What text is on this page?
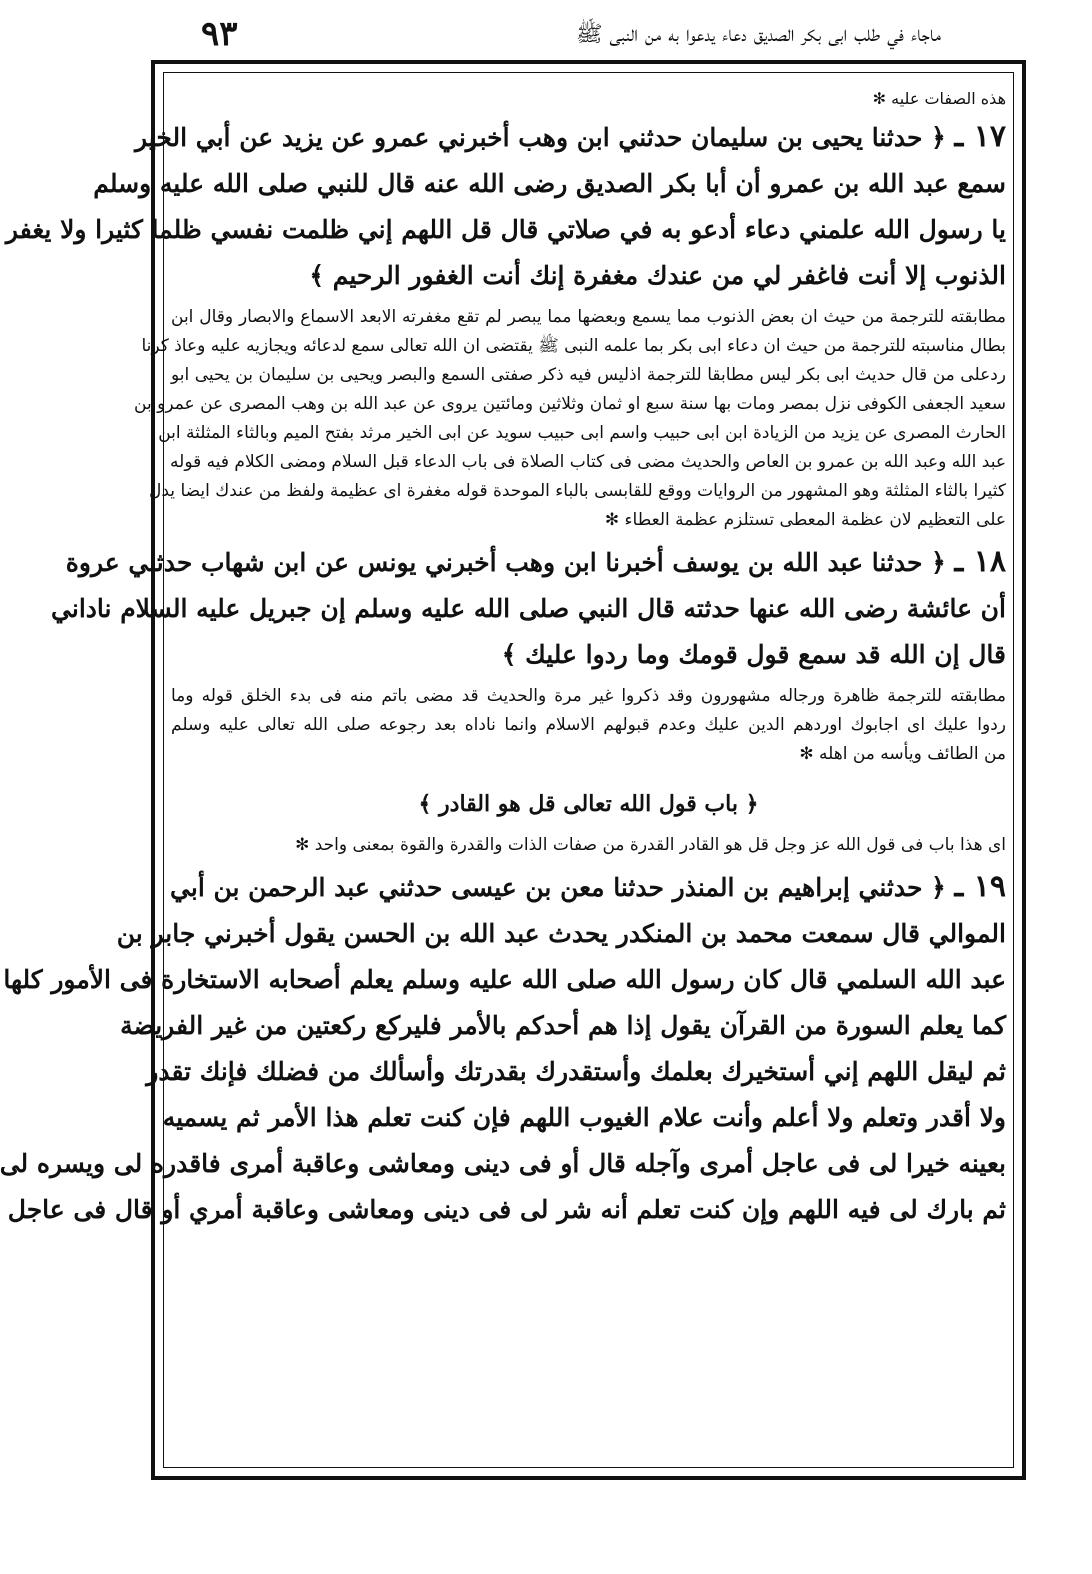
٩٣	ماجاء في طلب ابى بكر الصديق دعاء يدعوا به من النبى ﷺ
هذه الصفات عليه ✻
١٧ ـ ﴿ حدثنا يحيى بن سليمان حدثني ابن وهب أخبرني عمرو عن يزيد عن أبي الخير
سمع عبد الله بن عمرو أن أبا بكر الصديق رضى الله عنه قال للنبي صلى الله عليه وسلم
يا رسول الله علمني دعاء أدعو به في صلاتي قال قل اللهم إني ظلمت نفسي ظلما كثيرا ولا يغفر
الذنوب إلا أنت فاغفر لي من عندك مغفرة إنك أنت الغفور الرحيم ﴾
مطابقته للترجمة من حيث ان بعض الذنوب مما يسمع وبعضها مما يبصر لم تقع مغفرته الابعد الاسماع والابصار وقال ابن
بطال مناسبته للترجمة من حيث ان دعاء ابى بكر بما علمه النبى ﷺ يقتضى ان الله تعالى سمع لدعائه ويجازيه عليه وعاذ كرنا
ردعلى من قال حديث ابى بكر ليس مطابقا للترجمة اذليس فيه ذكر صفتى السمع والبصر ويحيى بن سليمان بن يحيى ابو
سعيد الجعفى الكوفى نزل بمصر ومات بها سنة سبع او ثمان وثلاثين ومائتين يروى عن عبد الله بن وهب المصرى عن عمرو بن
الحارث المصرى عن يزيد من الزيادة ابن ابى حبيب واسم ابى حبيب سويد عن ابى الخير مرثد بفتح الميم وبالثاء المثلثة ابن
عبد الله وعبد الله بن عمرو بن العاص والحديث مضى فى كتاب الصلاة فى باب الدعاء قبل السلام ومضى الكلام فيه قوله
كثيرا بالثاء المثلثة وهو المشهور من الروايات ووقع للقابسى بالباء الموحدة قوله مغفرة اى عظيمة ولفظ من عندك ايضا يدل
على التعظيم لان عظمة المعطى تستلزم عظمة العطاء ✻
١٨ ـ ﴿ حدثنا عبد الله بن يوسف أخبرنا ابن وهب أخبرني يونس عن ابن شهاب حدثني عروة
أن عائشة رضى الله عنها حدثته قال النبي صلى الله عليه وسلم إن جبريل عليه السلام ناداني
قال إن الله قد سمع قول قومك وما ردوا عليك ﴾
مطابقته للترجمة ظاهرة ورجاله مشهورون وقد ذكروا غير مرة والحديث قد مضى باتم منه فى بدء الخلق قوله وما
ردوا عليك اى اجابوك اوردهم الدين عليك وعدم قبولهم الاسلام وانما ناداه بعد رجوعه صلى الله تعالى عليه وسلم
من الطائف ويأسه من اهله ✻
﴿ باب قول الله تعالى قل هو القادر ﴾
اى هذا باب فى قول الله عز وجل قل هو القادر القدرة من صفات الذات والقدرة والقوة بمعنى واحد ✻
١٩ ـ ﴿ حدثني إبراهيم بن المنذر حدثنا معن بن عيسى حدثني عبد الرحمن بن أبي
الموالي قال سمعت محمد بن المنكدر يحدث عبد الله بن الحسن يقول أخبرني جابر بن
عبد الله السلمي قال كان رسول الله صلى الله عليه وسلم يعلم أصحابه الاستخارة فى الأمور كلها
كما يعلم السورة من القرآن يقول إذا هم أحدكم بالأمر فليركع ركعتين من غير الفريضة
ثم ليقل اللهم إني أستخيرك بعلمك وأستقدرك بقدرتك وأسألك من فضلك فإنك تقدر
ولا أقدر وتعلم ولا أعلم وأنت علام الغيوب اللهم فإن كنت تعلم هذا الأمر ثم يسميه
بعينه خيرا لى فى عاجل أمرى وآجله قال أو فى دينى ومعاشى وعاقبة أمرى فاقدره لى ويسره لى
ثم بارك لى فيه اللهم وإن كنت تعلم أنه شر لى فى دينى ومعاشى وعاقبة أمري أو قال فى عاجل
